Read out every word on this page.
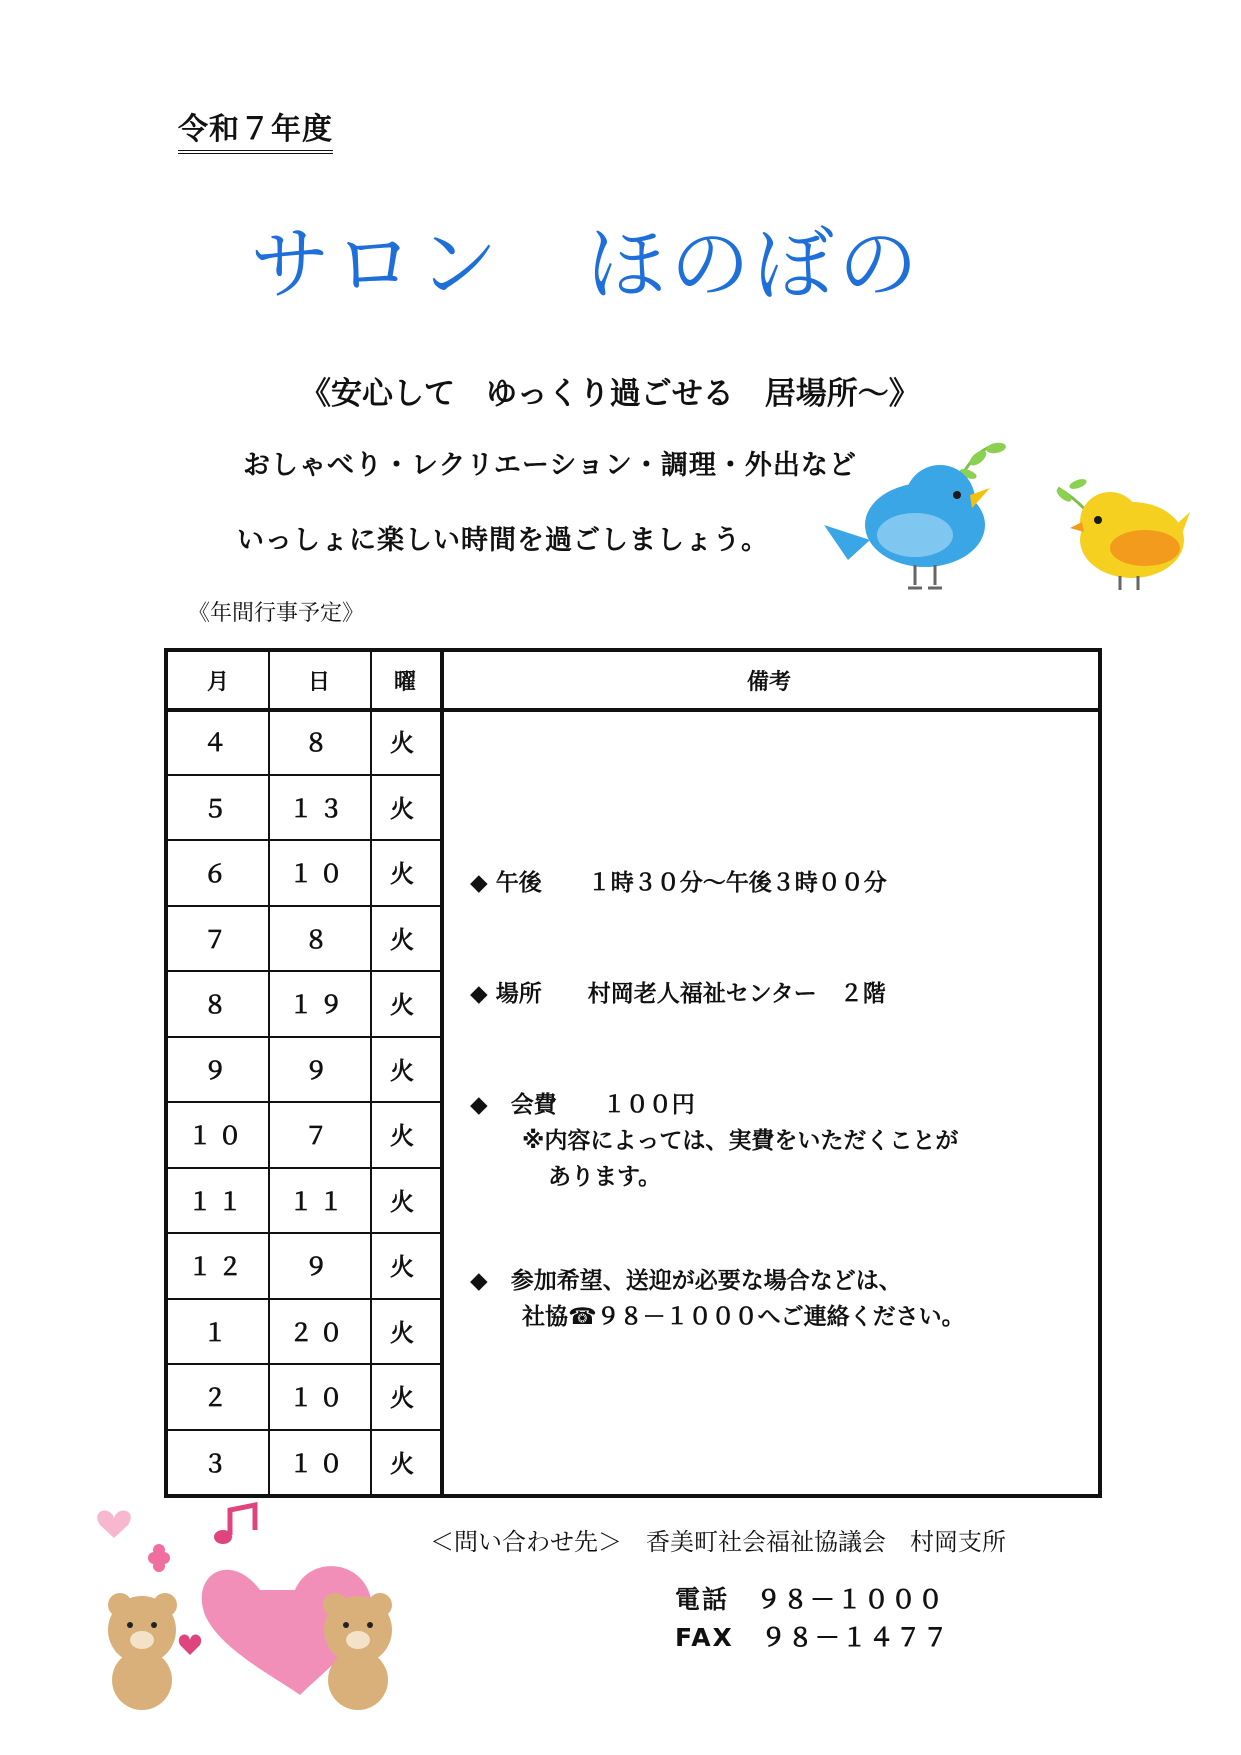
令和７年度
サロン　ほのぼの
《安心して　ゆっくり過ごせる　居場所～》
おしゃべり・レクリエーション・調理・外出など
いっしょに楽しい時間を過ごしましょう。
《年間行事予定》
月	日	曜	備考
４	８	火
５	１３	火
６	１０	火
７	８	火
８	１９	火
９	９	火
１０	７	火
１１	１１	火
１２	９	火
１	２０	火
２	１０	火
３	１０	火
◆ 午後　　１時３０分～午後３時００分
◆ 場所　　村岡老人福祉センター　２階
◆　会費　　１００円
※内容によっては、実費をいただくことが
あります。
◆　参加希望、送迎が必要な場合などは、
社協☎９８－１０００へご連絡ください。
＜問い合わせ先＞　香美町社会福祉協議会　村岡支所
電話　９８－１０００
FAX　９８－１４７７
